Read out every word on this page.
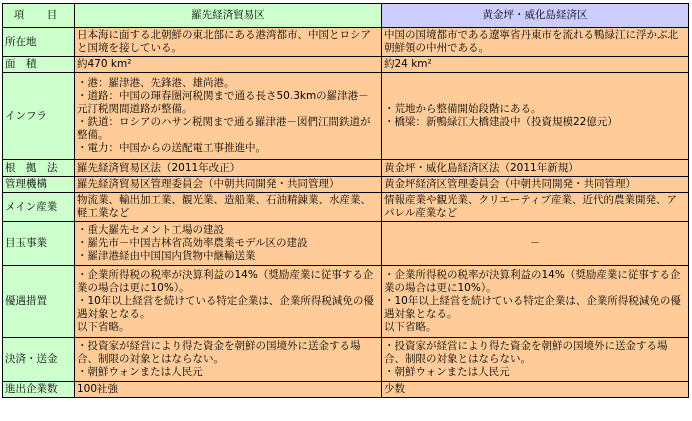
項　目	羅先経済貿易区	黄金坪・威化島経済区
所在地	日本海に面する北朝鮮の東北部にある港湾都市、中国とロシアと国境を接している。	中国の国境都市である遼寧省丹東市を流れる鴨緑江に浮かぶ北朝鮮領の中州である。

面　積	約470 km²	約24 km²

インフラ	・港：羅津港、先鋒港、雄尚港。
・道路：中国の琿春圏河税関まで通る長さ50.3kmの羅津港－元汀税関間道路が整備。
・鉄道：ロシアのハサン税関まで通る羅津港－図們江間鉄道が整備。
・電力：中国からの送配電工事推進中。	・荒地から整備開始段階にある。
・橋梁：新鴨緑江大橋建設中（投資規模22億元）

根　拠　法	羅先経済貿易区法（2011年改正）	黄金坪・威化島経済区法（2011年新規）

管理機構	羅先経済貿易区管理委員会（中朝共同開発・共同管理）	黄金坪経済区管理委員会（中朝共同開発・共同管理）

メイン産業	物流業、輸出加工業、観光業、造船業、石油精錬業、水産業、軽工業など	情報産業や観光業、クリエーティブ産業、近代的農業開発、アパレル産業など

目玉事業	・重大羅先セメント工場の建設
・羅先市－中国吉林省高効率農業モデル区の建設
・羅津港経由中国国内貨物中継輸送業	－

優遇措置	・企業所得税の税率が決算利益の14%（奨励産業に従事する企業の場合は更に10%）。
・10年以上経営を続けている特定企業は、企業所得税減免の優遇対象となる。
以下省略。	・企業所得税の税率が決算利益の14%（奨励産業に従事する企業の場合は更に10%）。
・10年以上経営を続けている特定企業は、企業所得税減免の優遇対象となる。
以下省略。

決済・送金	・投資家が経営により得た資金を朝鮮の国境外に送金する場合、制限の対象とはならない。
・朝鮮ウォンまたは人民元	・投資家が経営により得た資金を朝鮮の国境外に送金する場合、制限の対象とはならない。
・朝鮮ウォンまたは人民元

進出企業数	100社強	少数
